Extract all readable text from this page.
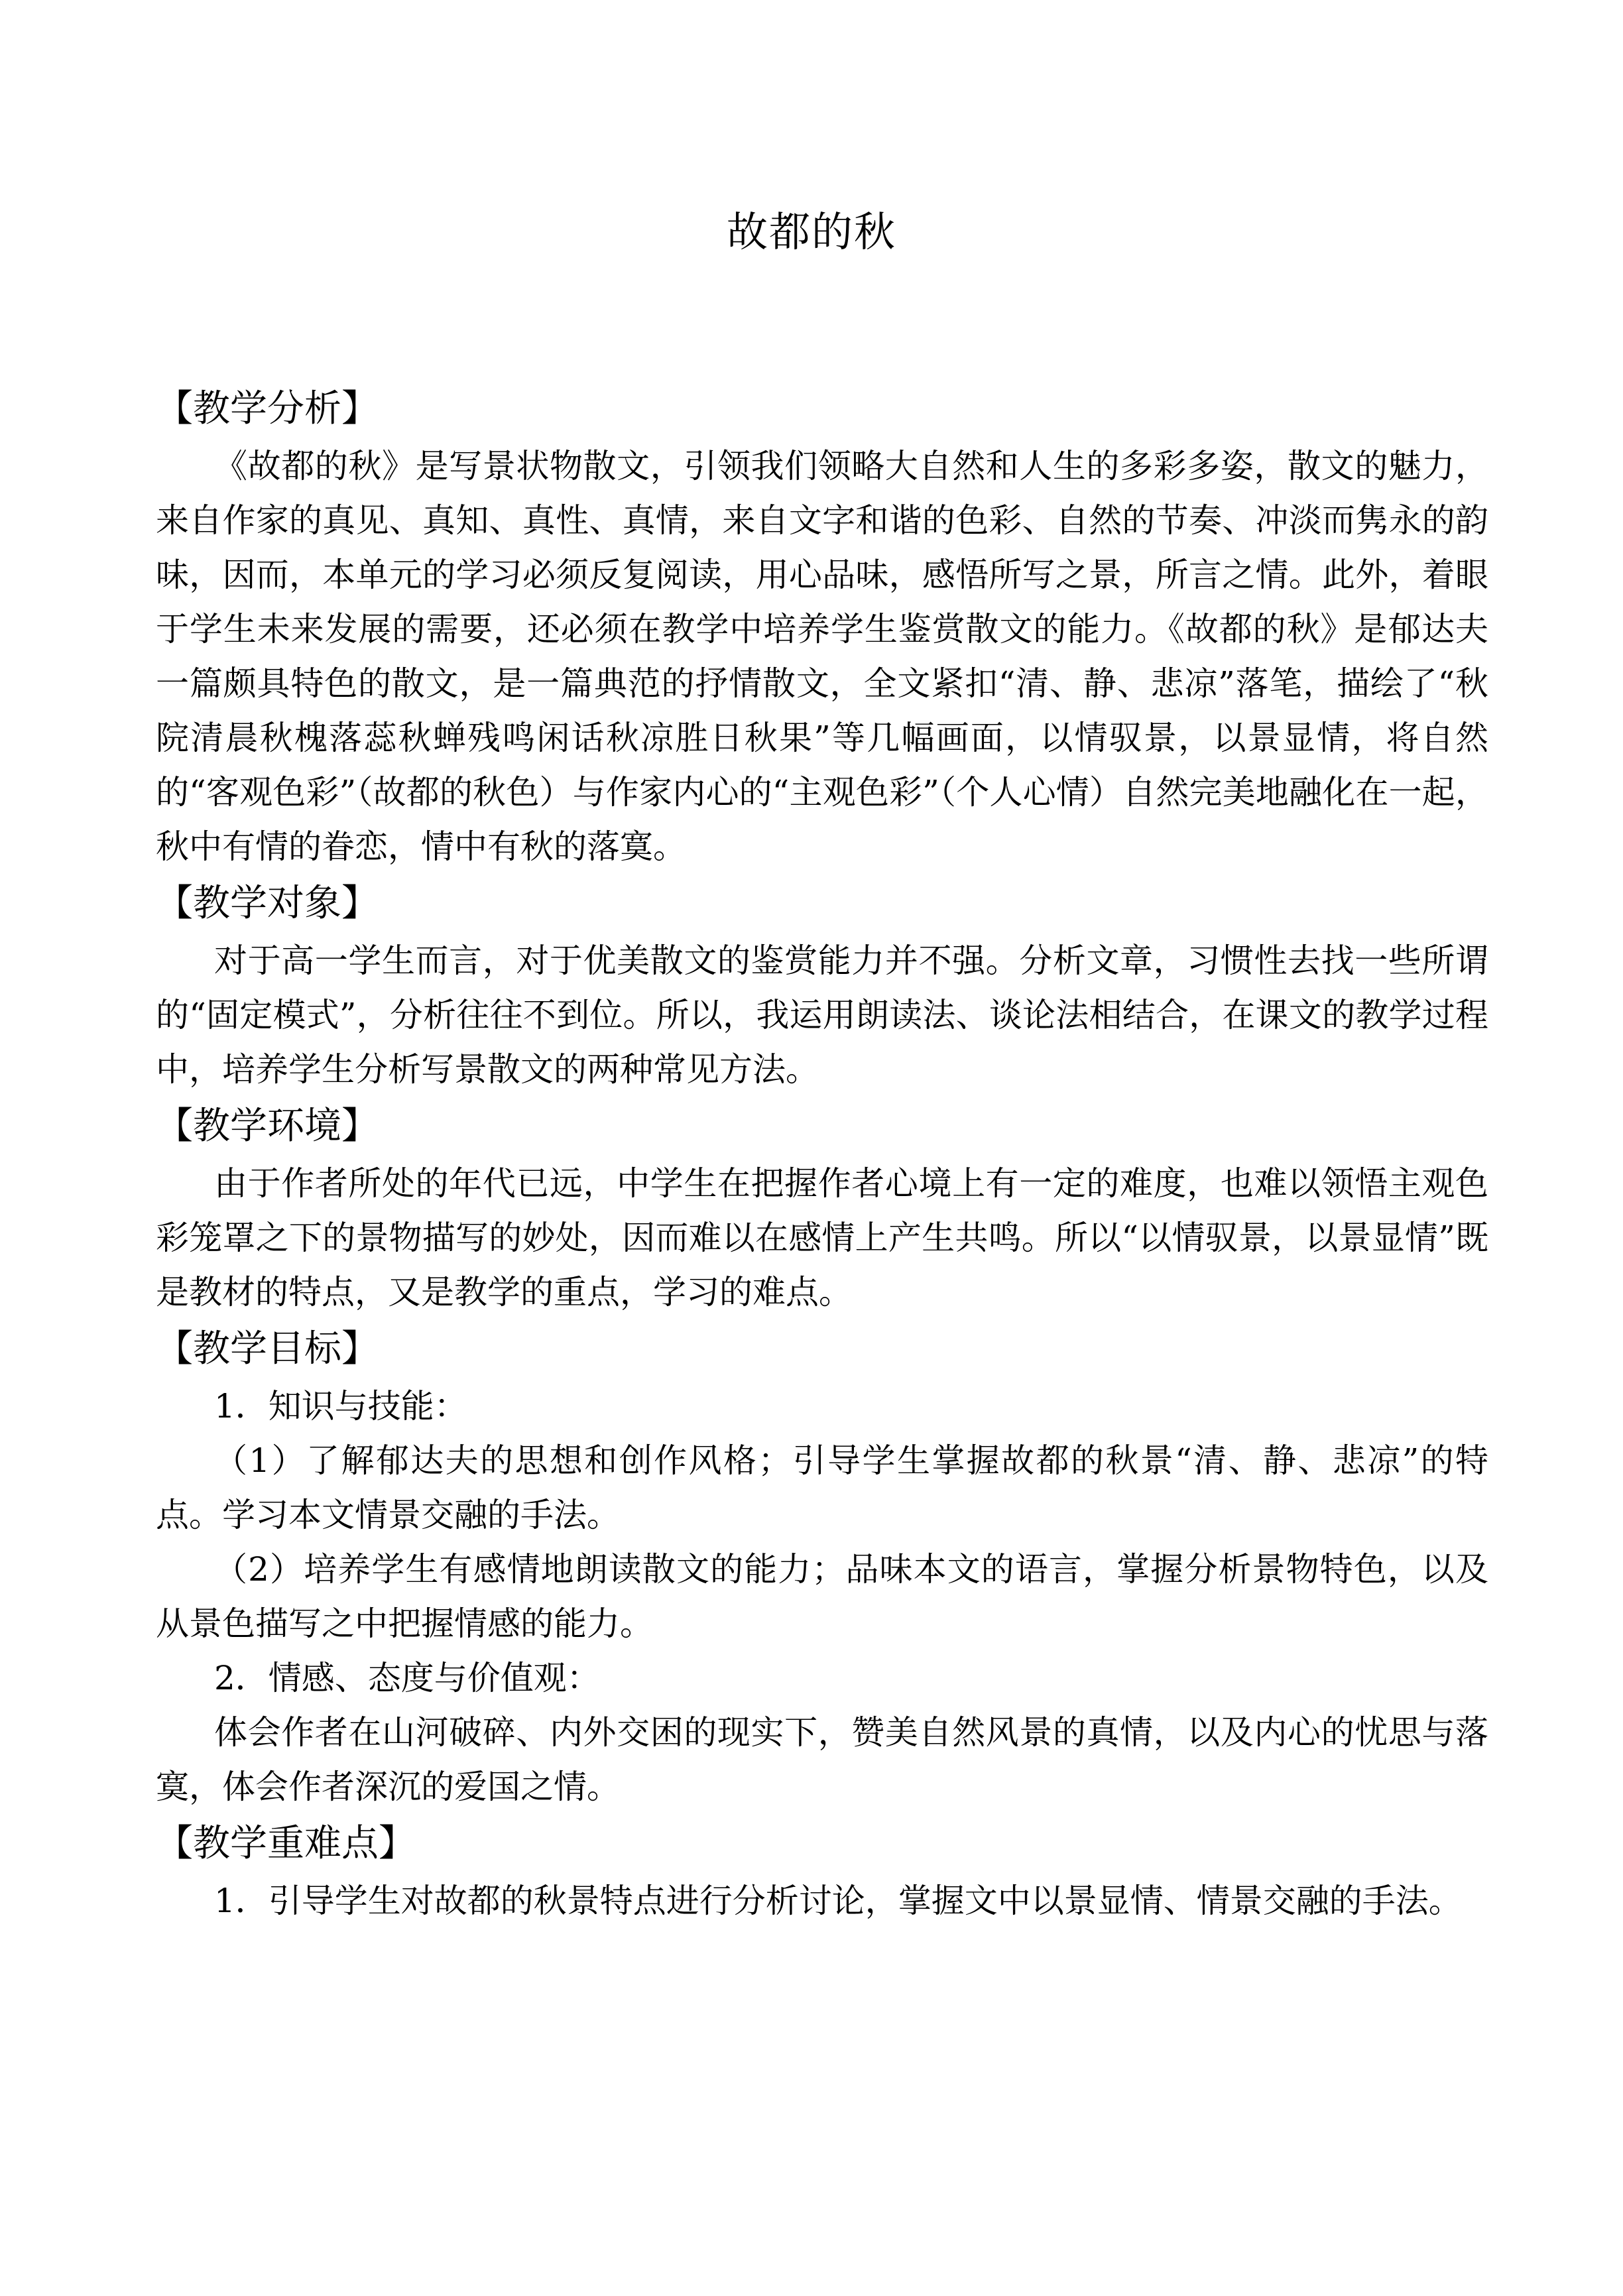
故都的秋
【教学分析】

《故都的秋》是写景状物散文，引领我们领略大自然和人生的多彩多姿，散文的魅力，来自作家的真见、真知、真性、真情，来自文字和谐的色彩、自然的节奏、冲淡而隽永的韵味，因而，本单元的学习必须反复阅读，用心品味，感悟所写之景，所言之情。此外，着眼于学生未来发展的需要，还必须在教学中培养学生鉴赏散文的能力。《故都的秋》是郁达夫一篇颇具特色的散文，是一篇典范的抒情散文，全文紧扣“清、静、悲凉”落笔，描绘了“秋院清晨秋槐落蕊秋蝉残鸣闲话秋凉胜日秋果”等几幅画面，以情驭景，以景显情，将自然的“客观色彩”（故都的秋色）与作家内心的“主观色彩”（个人心情）自然完美地融化在一起，秋中有情的眷恋，情中有秋的落寞。

【教学对象】

对于高一学生而言，对于优美散文的鉴赏能力并不强。分析文章，习惯性去找一些所谓的“固定模式”，分析往往不到位。所以，我运用朗读法、谈论法相结合，在课文的教学过程中，培养学生分析写景散文的两种常见方法。

【教学环境】

由于作者所处的年代已远，中学生在把握作者心境上有一定的难度，也难以领悟主观色彩笼罩之下的景物描写的妙处，因而难以在感情上产生共鸣。所以“以情驭景，以景显情”既是教材的特点，又是教学的重点，学习的难点。

【教学目标】

1．知识与技能：

（1）了解郁达夫的思想和创作风格；引导学生掌握故都的秋景“清、静、悲凉”的特点。学习本文情景交融的手法。

（2）培养学生有感情地朗读散文的能力；品味本文的语言，掌握分析景物特色，以及从景色描写之中把握情感的能力。

2．情感、态度与价值观：

体会作者在山河破碎、内外交困的现实下，赞美自然风景的真情，以及内心的忧思与落寞，体会作者深沉的爱国之情。

【教学重难点】

1．引导学生对故都的秋景特点进行分析讨论，掌握文中以景显情、情景交融的手法。
